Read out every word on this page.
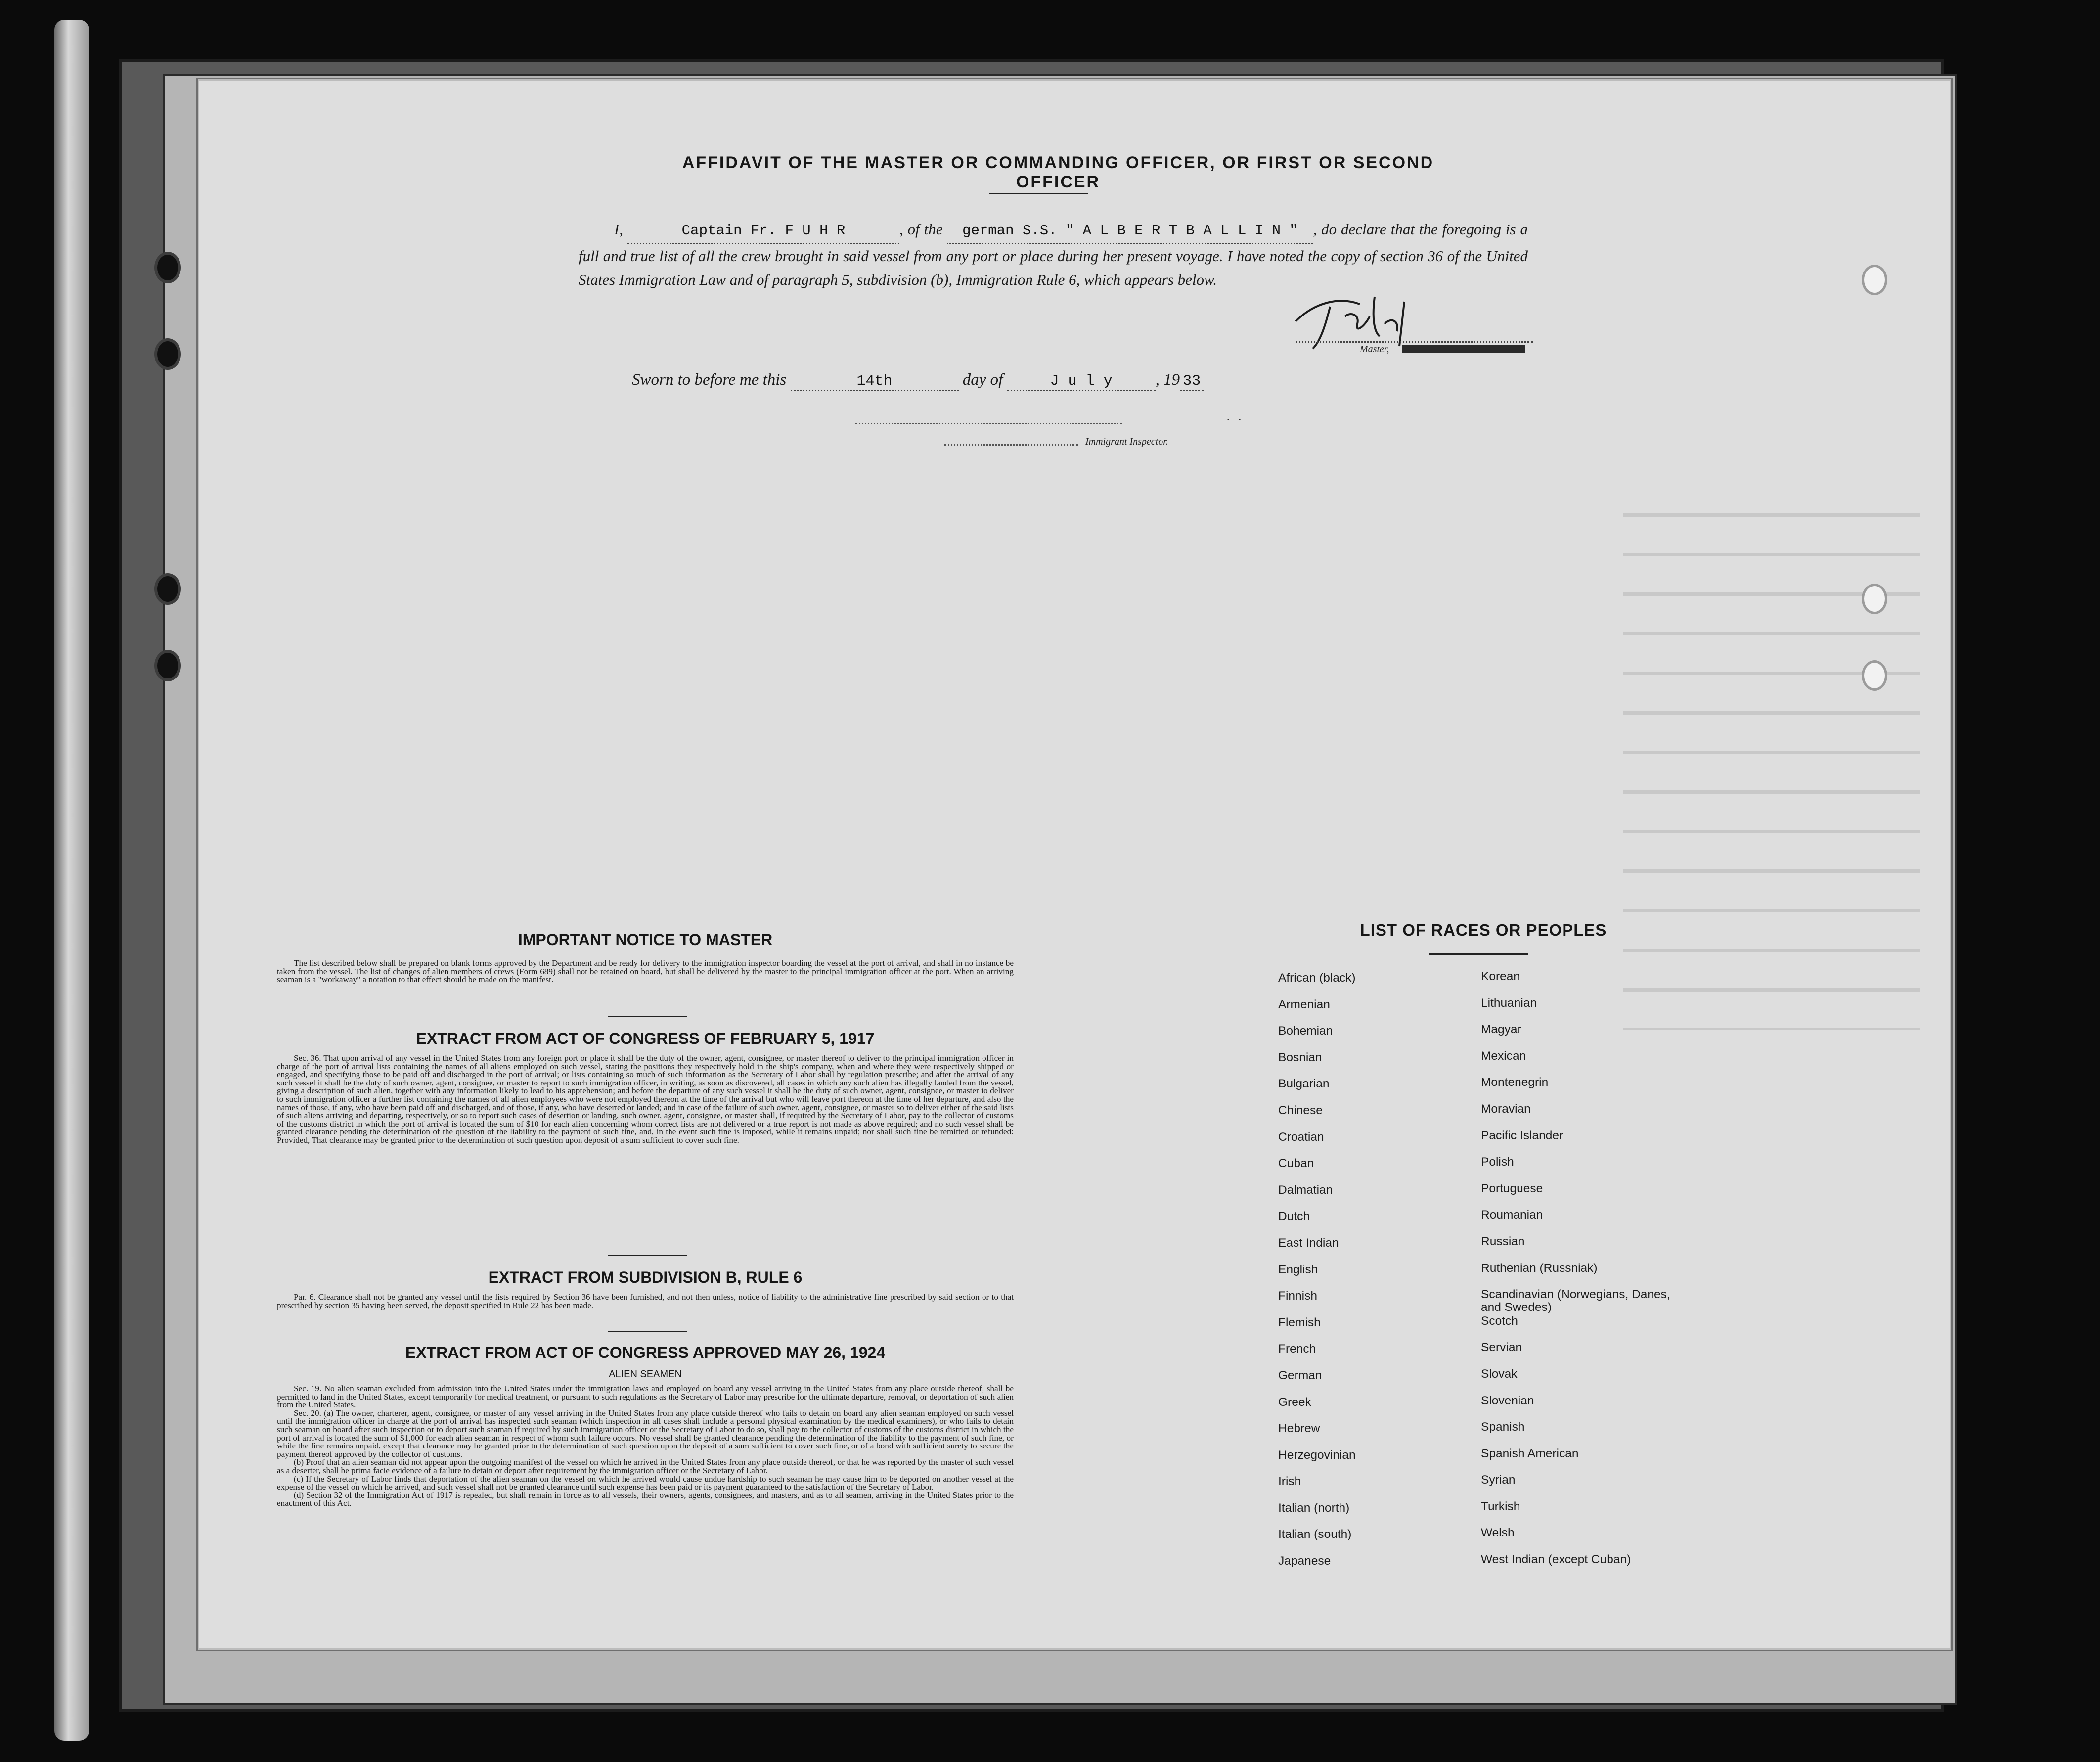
AFFIDAVIT OF THE MASTER OR COMMANDING OFFICER, OR FIRST OR SECOND OFFICER
I,	Captain Fr. F U H R	, of the german S.S. " A L B E R T B A L L I N " , do declare that the foregoing is a full and true list of all the crew brought in said vessel from any port or place during her present voyage. I have noted the copy of section 36 of the United States Immigration Law and of paragraph 5, subdivision (b), Immigration Rule 6, which appears below.
Fuhr
Master,
Sworn to before me this	14th	day of	J u l y	, 19 33
.  .
Immigrant Inspector.
IMPORTANT NOTICE TO MASTER

The list described below shall be prepared on blank forms approved by the Department and be ready for delivery to the immigration inspector boarding the vessel at the port of arrival, and shall in no instance be taken from the vessel. The list of changes of alien members of crews (Form 689) shall not be retained on board, but shall be delivered by the master to the principal immigration officer at the port. When an arriving seaman is a "workaway" a notation to that effect should be made on the manifest.

EXTRACT FROM ACT OF CONGRESS OF FEBRUARY 5, 1917

Sec. 36. That upon arrival of any vessel in the United States from any foreign port or place it shall be the duty of the owner, agent, consignee, or master thereof to deliver to the principal immigration officer in charge of the port of arrival lists containing the names of all aliens employed on such vessel, stating the positions they respectively hold in the ship's company, when and where they were respectively shipped or engaged, and specifying those to be paid off and discharged in the port of arrival; or lists containing so much of such information as the Secretary of Labor shall by regulation prescribe; and after the arrival of any such vessel it shall be the duty of such owner, agent, consignee, or master to report to such immigration officer, in writing, as soon as discovered, all cases in which any such alien has illegally landed from the vessel, giving a description of such alien, together with any information likely to lead to his apprehension; and before the departure of any such vessel it shall be the duty of such owner, agent, consignee, or master to deliver to such immigration officer a further list containing the names of all alien employees who were not employed thereon at the time of the arrival but who will leave port thereon at the time of her departure, and also the names of those, if any, who have been paid off and discharged, and of those, if any, who have deserted or landed; and in case of the failure of such owner, agent, consignee, or master so to deliver either of the said lists of such aliens arriving and departing, respectively, or so to report such cases of desertion or landing, such owner, agent, consignee, or master shall, if required by the Secretary of Labor, pay to the collector of customs of the customs district in which the port of arrival is located the sum of $10 for each alien concerning whom correct lists are not delivered or a true report is not made as above required; and no such vessel shall be granted clearance pending the determination of the question of the liability to the payment of such fine, and, in the event such fine is imposed, while it remains unpaid; nor shall such fine be remitted or refunded: Provided, That clearance may be granted prior to the determination of such question upon deposit of a sum sufficient to cover such fine.

EXTRACT FROM SUBDIVISION B, RULE 6

Par. 6. Clearance shall not be granted any vessel until the lists required by Section 36 have been furnished, and not then unless, notice of liability to the administrative fine prescribed by said section or to that prescribed by section 35 having been served, the deposit specified in Rule 22 has been made.

EXTRACT FROM ACT OF CONGRESS APPROVED MAY 26, 1924
ALIEN SEAMEN

Sec. 19. No alien seaman excluded from admission into the United States under the immigration laws and employed on board any vessel arriving in the United States from any place outside thereof, shall be permitted to land in the United States, except temporarily for medical treatment, or pursuant to such regulations as the Secretary of Labor may prescribe for the ultimate departure, removal, or deportation of such alien from the United States.

Sec. 20. (a) The owner, charterer, agent, consignee, or master of any vessel arriving in the United States from any place outside thereof who fails to detain on board any alien seaman employed on such vessel until the immigration officer in charge at the port of arrival has inspected such seaman (which inspection in all cases shall include a personal physical examination by the medical examiners), or who fails to detain such seaman on board after such inspection or to deport such seaman if required by such immigration officer or the Secretary of Labor to do so, shall pay to the collector of customs of the customs district in which the port of arrival is located the sum of $1,000 for each alien seaman in respect of whom such failure occurs. No vessel shall be granted clearance pending the determination of the liability to the payment of such fine, or while the fine remains unpaid, except that clearance may be granted prior to the determination of such question upon the deposit of a sum sufficient to cover such fine, or of a bond with sufficient surety to secure the payment thereof approved by the collector of customs.

(b) Proof that an alien seaman did not appear upon the outgoing manifest of the vessel on which he arrived in the United States from any place outside thereof, or that he was reported by the master of such vessel as a deserter, shall be prima facie evidence of a failure to detain or deport after requirement by the immigration officer or the Secretary of Labor.

(c) If the Secretary of Labor finds that deportation of the alien seaman on the vessel on which he arrived would cause undue hardship to such seaman he may cause him to be deported on another vessel at the expense of the vessel on which he arrived, and such vessel shall not be granted clearance until such expense has been paid or its payment guaranteed to the satisfaction of the Secretary of Labor.

(d) Section 32 of the Immigration Act of 1917 is repealed, but shall remain in force as to all vessels, their owners, agents, consignees, and masters, and as to all seamen, arriving in the United States prior to the enactment of this Act.

LIST OF RACES OR PEOPLES
African (black)
Armenian
Bohemian
Bosnian
Bulgarian
Chinese
Croatian
Cuban
Dalmatian
Dutch
East Indian
English
Finnish
Flemish
French
German
Greek
Hebrew
Herzegovinian
Irish
Italian (north)
Italian (south)
Japanese
Korean
Lithuanian
Magyar
Mexican
Montenegrin
Moravian
Pacific Islander
Polish
Portuguese
Roumanian
Russian
Ruthenian (Russniak)
Scandinavian (Norwegians, Danes, and Swedes)
Scotch
Servian
Slovak
Slovenian
Spanish
Spanish American
Syrian
Turkish
Welsh
West Indian (except Cuban)
